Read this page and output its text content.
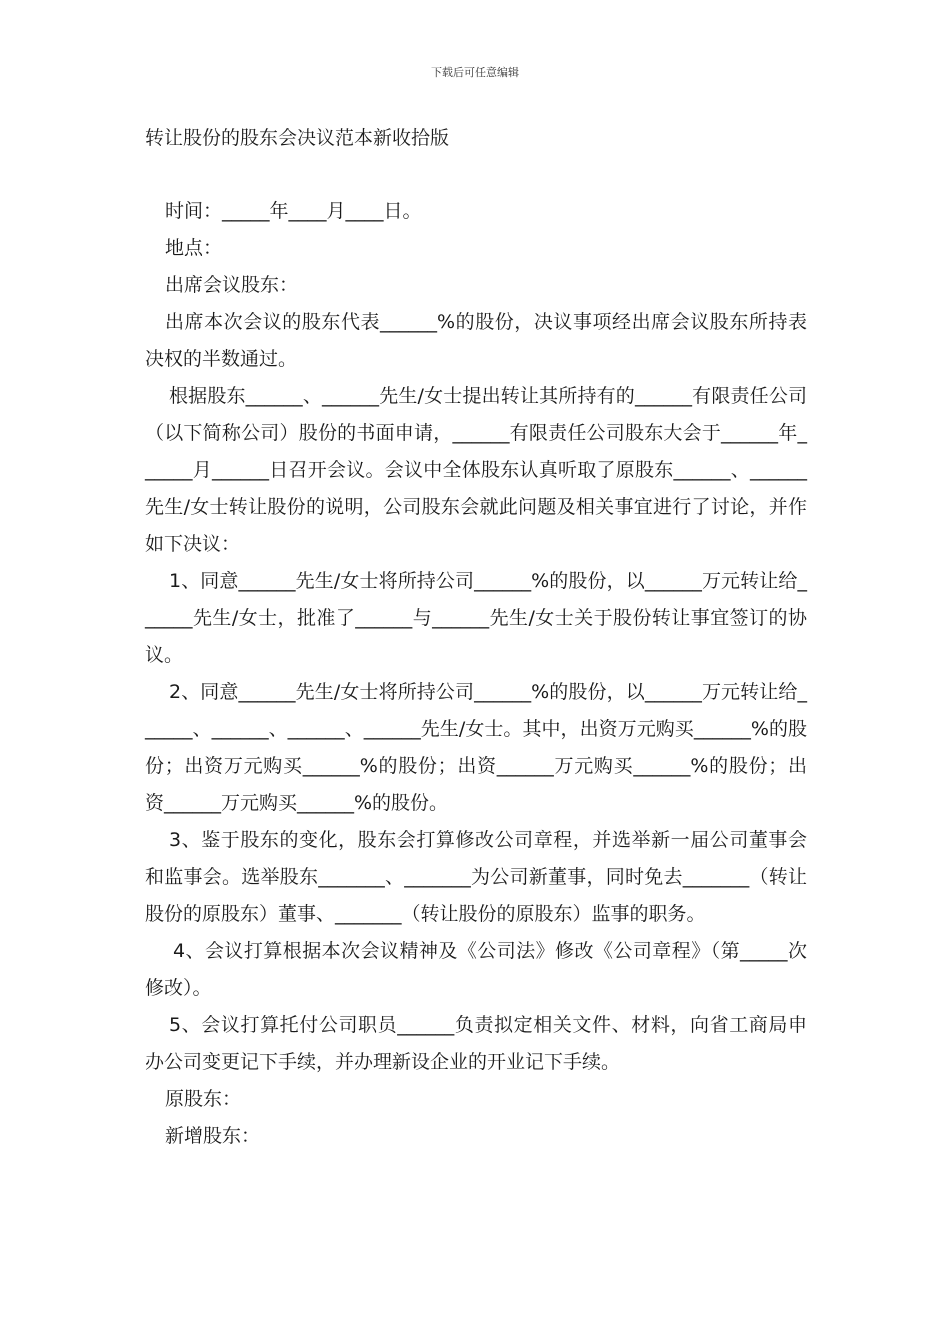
下载后可任意编辑
转让股份的股东会决议范本新收拾版

时间：_____年____月____日。

地点：

出席会议股东：

出席本次会议的股东代表______%的股份，决议事项经出席会议股东所持表决权的半数通过。

根据股东______、______先生/女士提出转让其所持有的______有限责任公司（以下简称公司）股份的书面申请，______有限责任公司股东大会于______年______月______日召开会议。会议中全体股东认真听取了原股东______、______先生/女士转让股份的说明，公司股东会就此问题及相关事宜进行了讨论，并作如下决议：

1、同意______先生/女士将所持公司______%的股份，以______万元转让给______先生/女士，批准了______与______先生/女士关于股份转让事宜签订的协议。

2、同意______先生/女士将所持公司______%的股份，以______万元转让给______、______、______、______先生/女士。其中，出资万元购买______%的股份；出资万元购买______%的股份；出资______万元购买______%的股份；出资______万元购买______%的股份。

3、鉴于股东的变化，股东会打算修改公司章程，并选举新一届公司董事会和监事会。选举股东_______、_______为公司新董事，同时免去_______（转让股份的原股东）董事、_______（转让股份的原股东）监事的职务。

4、会议打算根据本次会议精神及《公司法》修改《公司章程》（第_____次修改）。

5、会议打算托付公司职员______负责拟定相关文件、材料，向省工商局申办公司变更记下手续，并办理新设企业的开业记下手续。

原股东：

新增股东：
